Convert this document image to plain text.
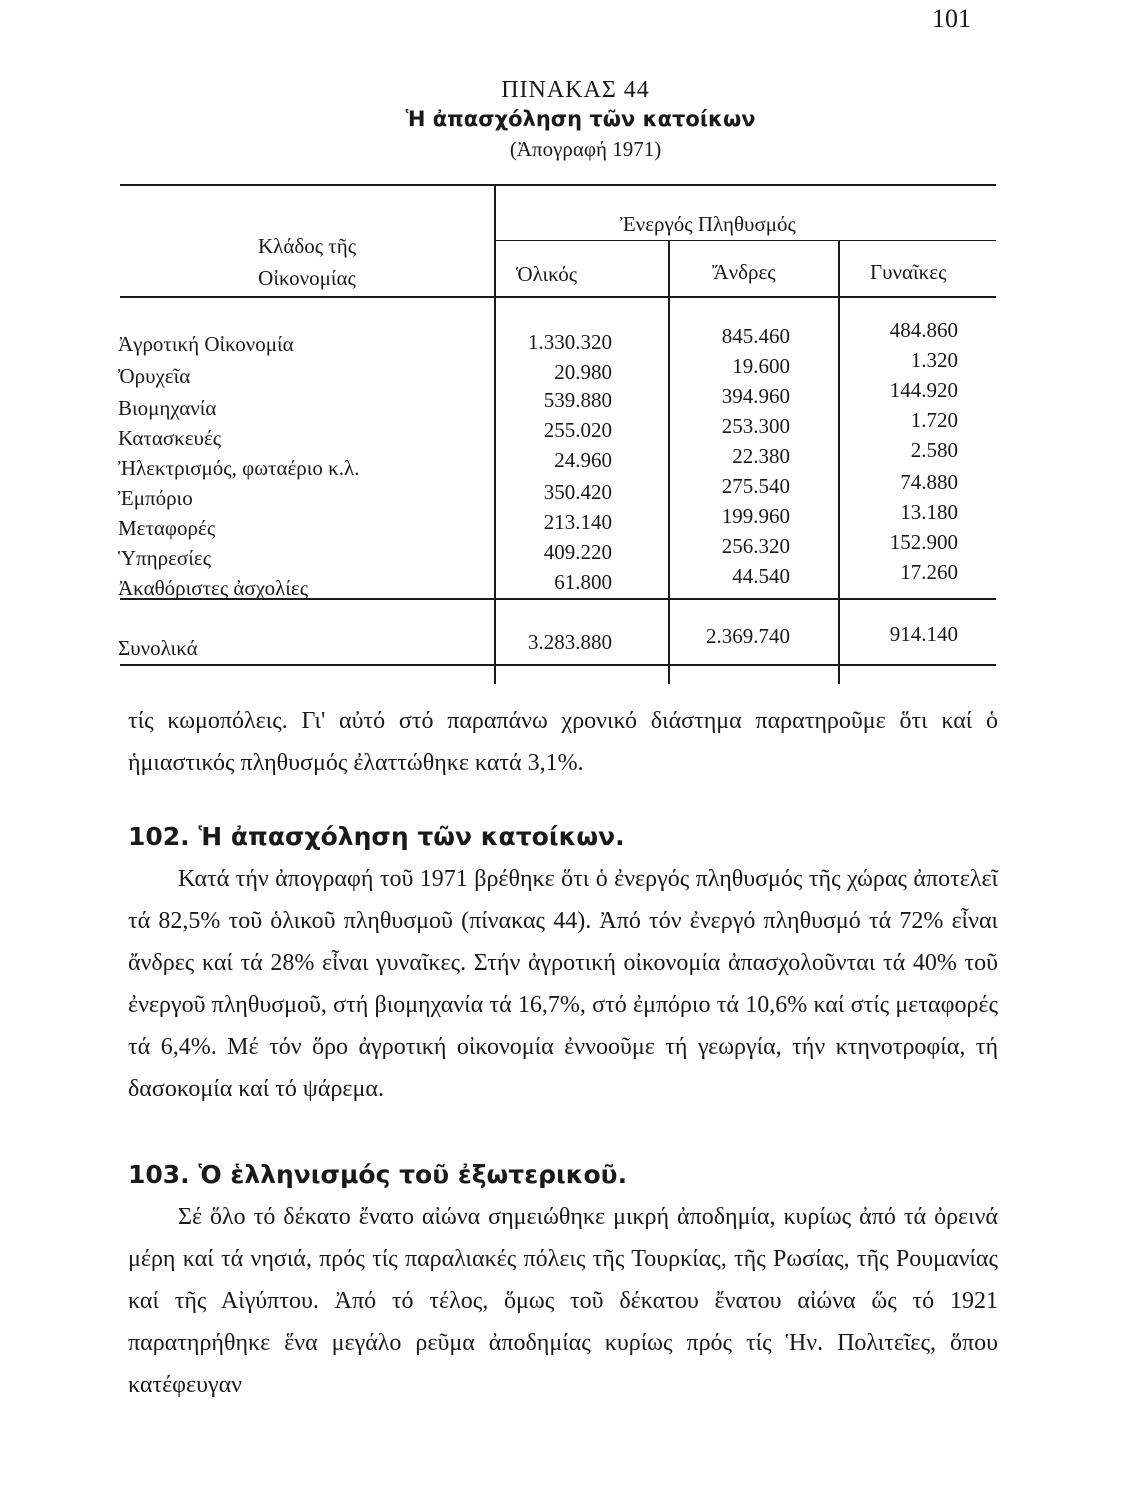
101
ΠΙΝΑΚΑΣ 44
Ἡ ἀπασχόληση τῶν κατοίκων
(Ἀπογραφή 1971)
Κλάδος τῆς
Οἰκονομίας
Ἐνεργός Πληθυσμός
Ὁλικός	Ἄνδρες	Γυναῖκες
Ἀγροτική Οἰκονομία	1.330.320	845.460	484.860
Ὀρυχεῖα	20.980	19.600	1.320
Βιομηχανία	539.880	394.960	144.920
Κατασκευές	255.020	253.300	1.720
Ἠλεκτρισμός, φωταέριο κ.λ.	24.960	22.380	2.580
Ἐμπόριο	350.420	275.540	74.880
Μεταφορές	213.140	199.960	13.180
Ὑπηρεσίες	409.220	256.320	152.900
Ἀκαθόριστες ἀσχολίες	61.800	44.540	17.260
Συνολικά	3.283.880	2.369.740	914.140

τίς κωμοπόλεις. Γι' αὐτό στό παραπάνω χρονικό διάστημα παρατηροῦμε ὅτι καί ὁ ἡμιαστικός πληθυσμός ἐλαττώθηκε κατά 3,1%.

102. Ἡ ἀπασχόληση τῶν κατοίκων.

Κατά τήν ἀπογραφή τοῦ 1971 βρέθηκε ὅτι ὁ ἐνεργός πληθυσμός τῆς χώρας ἀποτελεῖ τά 82,5% τοῦ ὁλικοῦ πληθυσμοῦ (πίνακας 44). Ἀπό τόν ἐνεργό πληθυσμό τά 72% εἶναι ἄνδρες καί τά 28% εἶναι γυναῖκες. Στήν ἀγροτική οἰκονομία ἀπασχολοῦνται τά 40% τοῦ ἐνεργοῦ πληθυσμοῦ, στή βιομηχανία τά 16,7%, στό ἐμπόριο τά 10,6% καί στίς μεταφορές τά 6,4%. Μέ τόν ὅρο ἀγροτική οἰκονομία ἐννοοῦμε τή γεωργία, τήν κτηνοτροφία, τή δασοκομία καί τό ψάρεμα.

103. Ὁ ἑλληνισμός τοῦ ἐξωτερικοῦ.

Σέ ὅλο τό δέκατο ἔνατο αἰώνα σημειώθηκε μικρή ἀποδημία, κυρίως ἀπό τά ὀρεινά μέρη καί τά νησιά, πρός τίς παραλιακές πόλεις τῆς Τουρκίας, τῆς Ρωσίας, τῆς Ρουμανίας καί τῆς Αἰγύπτου. Ἀπό τό τέλος, ὅμως τοῦ δέκατου ἔνατου αἰώνα ὥς τό 1921 παρατηρήθηκε ἕνα μεγάλο ρεῦμα ἀποδημίας κυρίως πρός τίς Ἡν. Πολιτεῖες, ὅπου κατέφευγαν
